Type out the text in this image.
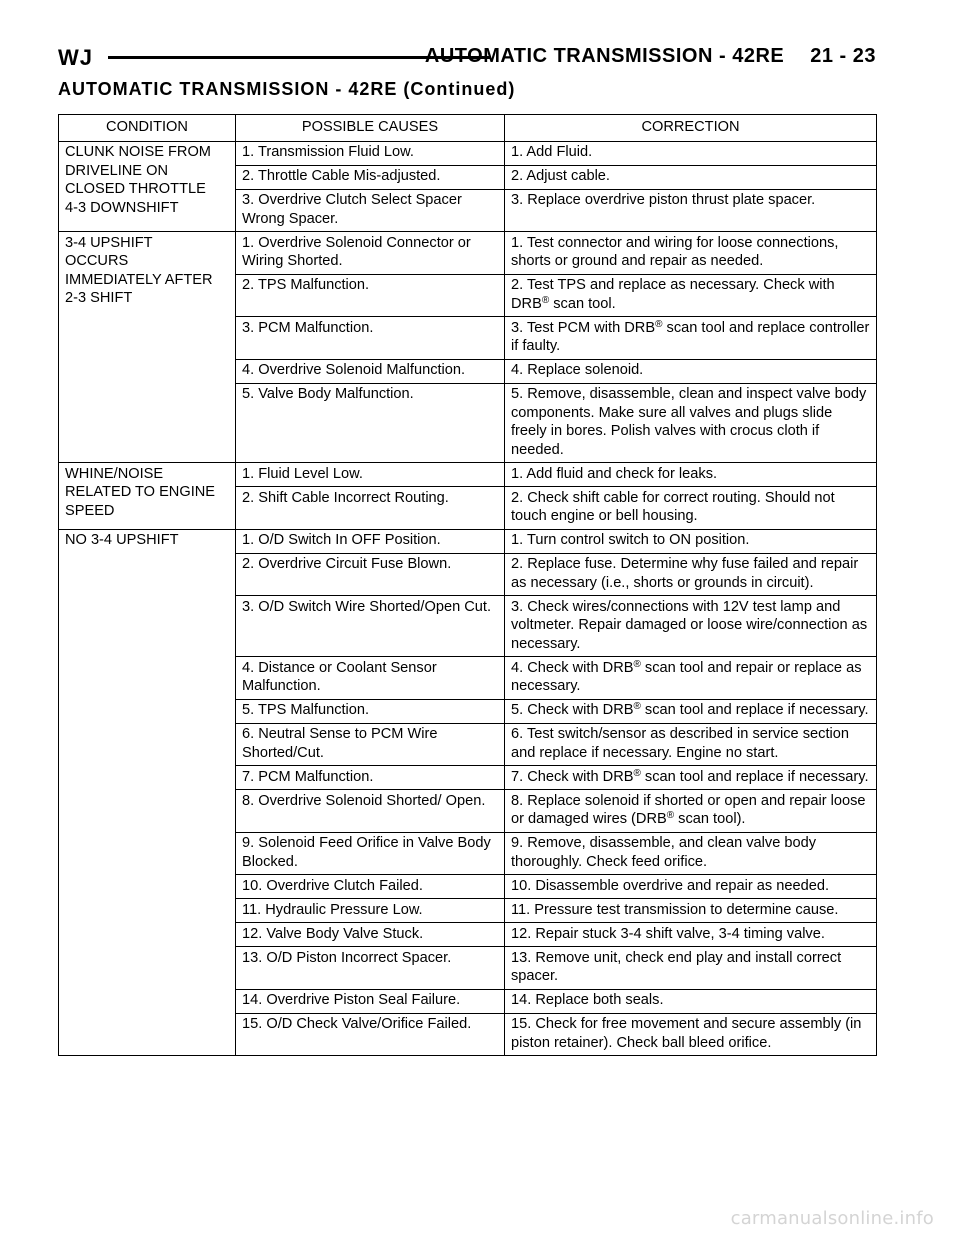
WJ	AUTOMATIC TRANSMISSION - 42RE 21 - 23
AUTOMATIC TRANSMISSION - 42RE (Continued)
CONDITION	POSSIBLE CAUSES	CORRECTION
CLUNK NOISE FROM
DRIVELINE ON
CLOSED THROTTLE
4-3 DOWNSHIFT	1. Transmission Fluid Low.	1. Add Fluid.
	2. Throttle Cable Mis-adjusted.	2. Adjust cable.
	3. Overdrive Clutch Select Spacer Wrong Spacer.	3. Replace overdrive piston thrust plate spacer.
3-4 UPSHIFT
OCCURS
IMMEDIATELY AFTER
2-3 SHIFT	1. Overdrive Solenoid Connector or Wiring Shorted.	1. Test connector and wiring for loose connections, shorts or ground and repair as needed.
	2. TPS Malfunction.	2. Test TPS and replace as necessary. Check with DRB® scan tool.
	3. PCM Malfunction.	3. Test PCM with DRB® scan tool and replace controller if faulty.
	4. Overdrive Solenoid Malfunction.	4. Replace solenoid.
	5. Valve Body Malfunction.	5. Remove, disassemble, clean and inspect valve body components. Make sure all valves and plugs slide freely in bores. Polish valves with crocus cloth if needed.
WHINE/NOISE
RELATED TO ENGINE
SPEED	1. Fluid Level Low.	1. Add fluid and check for leaks.
	2. Shift Cable Incorrect Routing.	2. Check shift cable for correct routing. Should not touch engine or bell housing.
NO 3-4 UPSHIFT	1. O/D Switch In OFF Position.	1. Turn control switch to ON position.
	2. Overdrive Circuit Fuse Blown.	2. Replace fuse. Determine why fuse failed and repair as necessary (i.e., shorts or grounds in circuit).
	3. O/D Switch Wire Shorted/Open Cut.	3. Check wires/connections with 12V test lamp and voltmeter. Repair damaged or loose wire/connection as necessary.
	4. Distance or Coolant Sensor Malfunction.	4. Check with DRB® scan tool and repair or replace as necessary.
	5. TPS Malfunction.	5. Check with DRB® scan tool and replace if necessary.
	6. Neutral Sense to PCM Wire Shorted/Cut.	6. Test switch/sensor as described in service section and replace if necessary. Engine no start.
	7. PCM Malfunction.	7. Check with DRB® scan tool and replace if necessary.
	8. Overdrive Solenoid Shorted/ Open.	8. Replace solenoid if shorted or open and repair loose or damaged wires (DRB® scan tool).
	9. Solenoid Feed Orifice in Valve Body Blocked.	9. Remove, disassemble, and clean valve body thoroughly. Check feed orifice.
	10. Overdrive Clutch Failed.	10. Disassemble overdrive and repair as needed.
	11. Hydraulic Pressure Low.	11. Pressure test transmission to determine cause.
	12. Valve Body Valve Stuck.	12. Repair stuck 3-4 shift valve, 3-4 timing valve.
	13. O/D Piston Incorrect Spacer.	13. Remove unit, check end play and install correct spacer.
	14. Overdrive Piston Seal Failure.	14. Replace both seals.
	15. O/D Check Valve/Orifice Failed.	15. Check for free movement and secure assembly (in piston retainer). Check ball bleed orifice.
carmanualsonline.info
